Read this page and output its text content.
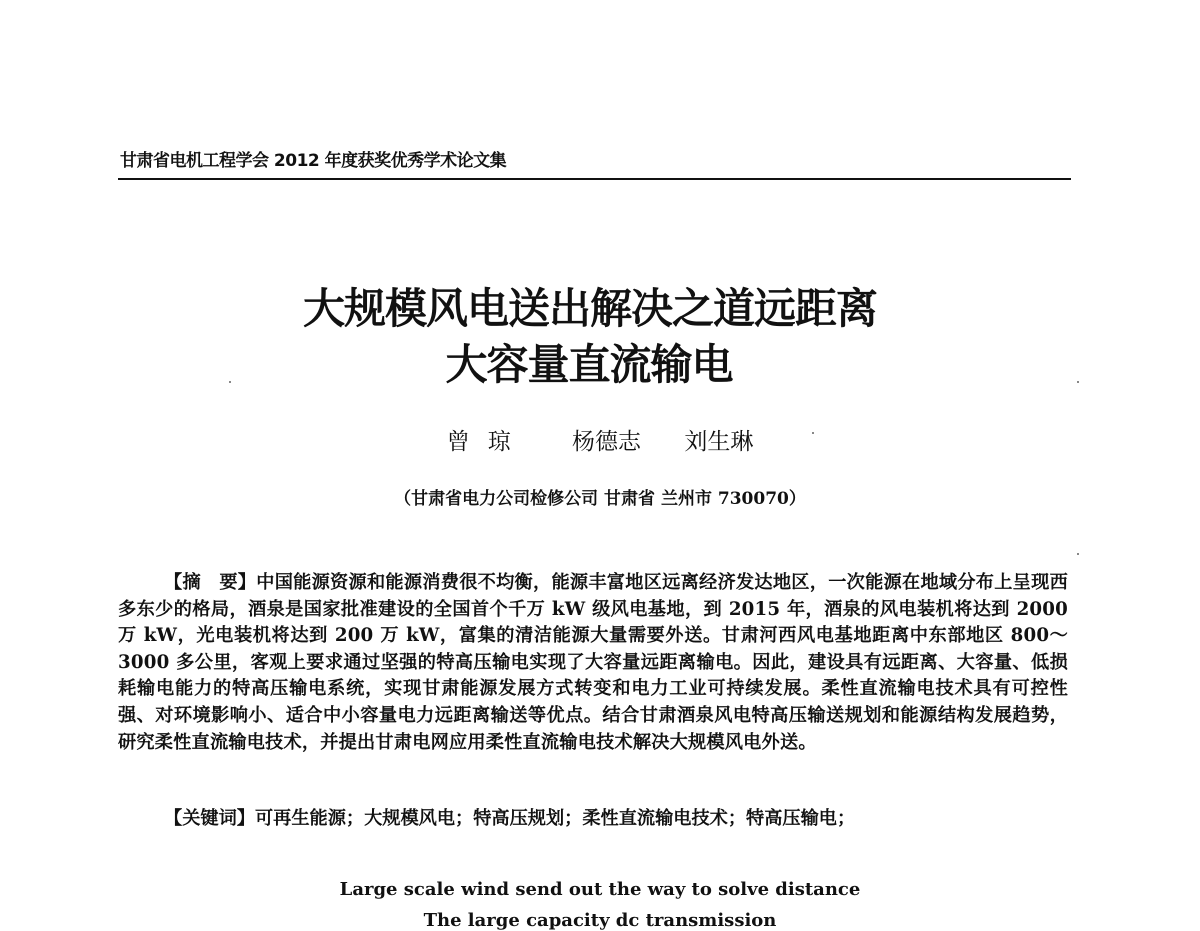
甘肃省电机工程学会 2012 年度获奖优秀学术论文集
大规模风电送出解决之道远距离
大容量直流输电
曾琼 杨德志 刘生琳
（甘肃省电力公司检修公司 甘肃省 兰州市 730070）

【摘　要】中国能源资源和能源消费很不均衡，能源丰富地区远离经济发达地区，一次能源在地域分布上呈现西多东少的格局，酒泉是国家批准建设的全国首个千万 kW 级风电基地，到 2015 年，酒泉的风电装机将达到 2000 万 kW，光电装机将达到 200 万 kW，富集的清洁能源大量需要外送。甘肃河西风电基地距离中东部地区 800～3000 多公里，客观上要求通过坚强的特高压输电实现了大容量远距离输电。因此，建设具有远距离、大容量、低损耗输电能力的特高压输电系统，实现甘肃能源发展方式转变和电力工业可持续发展。柔性直流输电技术具有可控性强、对环境影响小、适合中小容量电力远距离输送等优点。结合甘肃酒泉风电特高压输送规划和能源结构发展趋势，研究柔性直流输电技术，并提出甘肃电网应用柔性直流输电技术解决大规模风电外送。

【关键词】可再生能源；大规模风电；特高压规划；柔性直流输电技术；特高压输电；

Large scale wind send out the way to solve distance
The large capacity dc transmission
